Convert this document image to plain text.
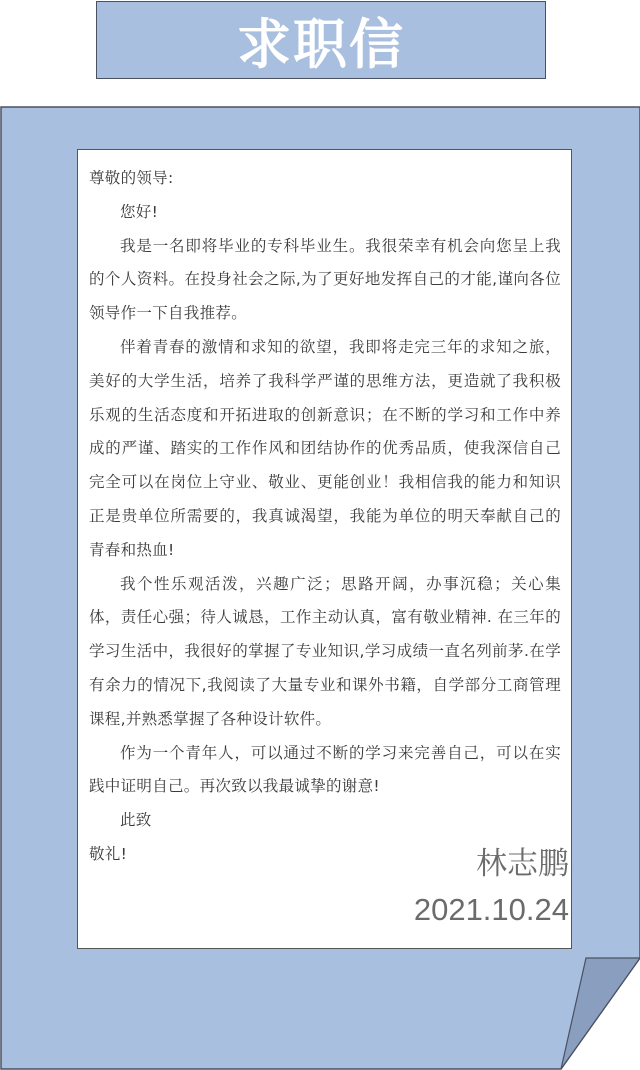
求职信

尊敬的领导:

您好!

我是一名即将毕业的专科毕业生。我很荣幸有机会向您呈上我的个人资料。在投身社会之际,为了更好地发挥自己的才能,谨向各位领导作一下自我推荐。

伴着青春的激情和求知的欲望，我即将走完三年的求知之旅， 美好的大学生活，培养了我科学严谨的思维方法，更造就了我积极乐观的生活态度和开拓进取的创新意识；在不断的学习和工作中养成的严谨、踏实的工作作风和团结协作的优秀品质，使我深信自己完全可以在岗位上守业、敬业、更能创业！我相信我的能力和知识正是贵单位所需要的，我真诚渴望，我能为单位的明天奉献自己的青春和热血!

我个性乐观活泼，兴趣广泛；思路开阔，办事沉稳；关心集体，责任心强；待人诚恳，工作主动认真，富有敬业精神. 在三年的学习生活中，我很好的掌握了专业知识,学习成绩一直名列前茅.在学有余力的情况下,我阅读了大量专业和课外书籍，自学部分工商管理课程,并熟悉掌握了各种设计软件。

作为一个青年人，可以通过不断的学习来完善自己，可以在实践中证明自己。再次致以我最诚挚的谢意!

此致

敬礼!	林志鹏
2021.10.24
